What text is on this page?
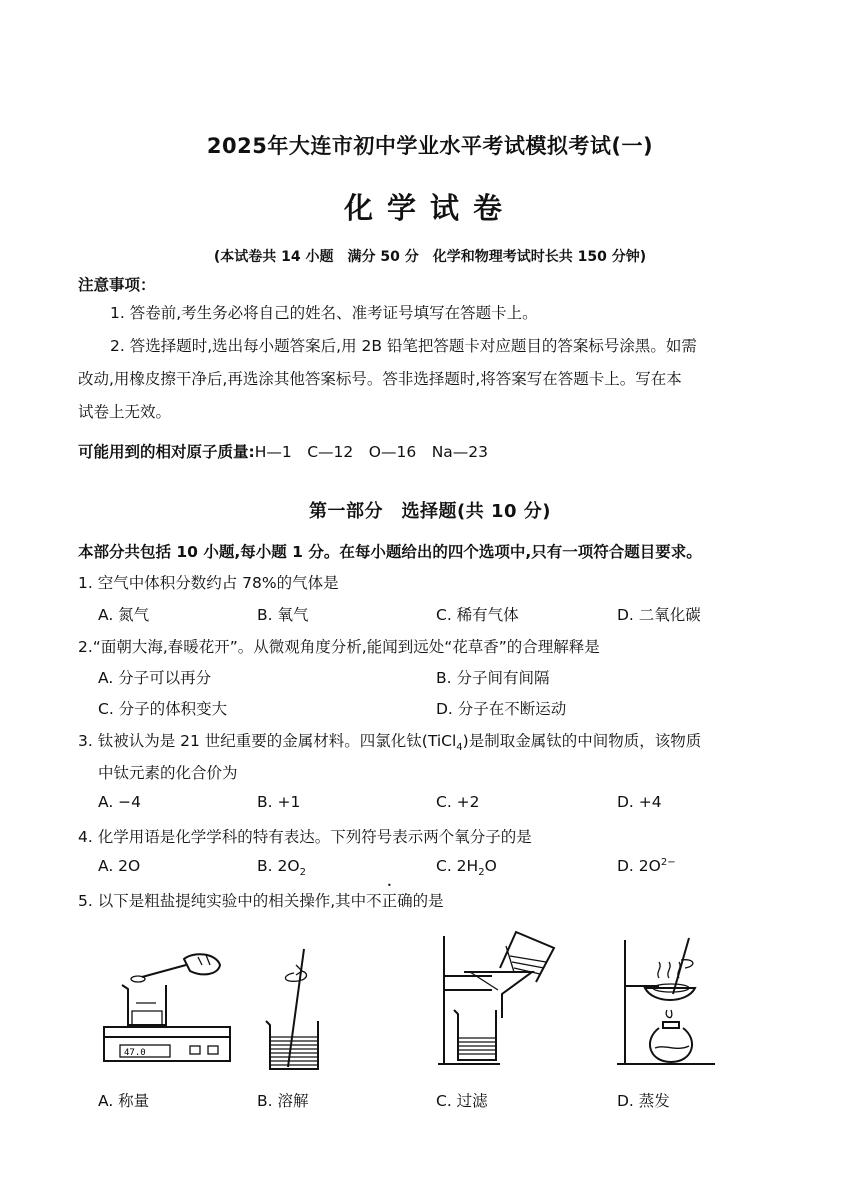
2025年大连市初中学业水平考试模拟考试(一)
化学试卷
(本试卷共 14 小题　满分 50 分　化学和物理考试时长共 150 分钟)
注意事项：
1. 答卷前,考生务必将自己的姓名、准考证号填写在答题卡上。
2. 答选择题时,选出每小题答案后,用 2B 铅笔把答题卡对应题目的答案标号涂黑。如需
改动,用橡皮擦干净后,再选涂其他答案标号。答非选择题时,将答案写在答题卡上。写在本
试卷上无效。
可能用到的相对原子质量:H—1　C—12　O—16　Na—23
第一部分　选择题(共 10 分)
本部分共包括 10 小题,每小题 1 分。在每小题给出的四个选项中,只有一项符合题目要求。
1. 空气中体积分数约占 78%的气体是
A. 氮气	B. 氧气	C. 稀有气体	D. 二氧化碳
2.“面朝大海,春暖花开”。从微观角度分析,能闻到远处“花草香”的合理解释是
A. 分子可以再分	B. 分子间有间隔
C. 分子的体积变大	D. 分子在不断运动
3. 钛被认为是 21 世纪重要的金属材料。四氯化钛(TiCl$_4$)是制取金属钛的中间物质，该物质
中钛元素的化合价为
A. −4	B. +1	C. +2	D. +4
4. 化学用语是化学学科的特有表达。下列符号表示两个氧分子的是
A. 2O	B. $2O_2$	C. $2H_2O$	D. $2O^{2-}$
5. 以下是粗盐提纯实验中的相关操作,其中不正确的是
47.0
A. 称量	B. 溶解	C. 过滤	D. 蒸发
